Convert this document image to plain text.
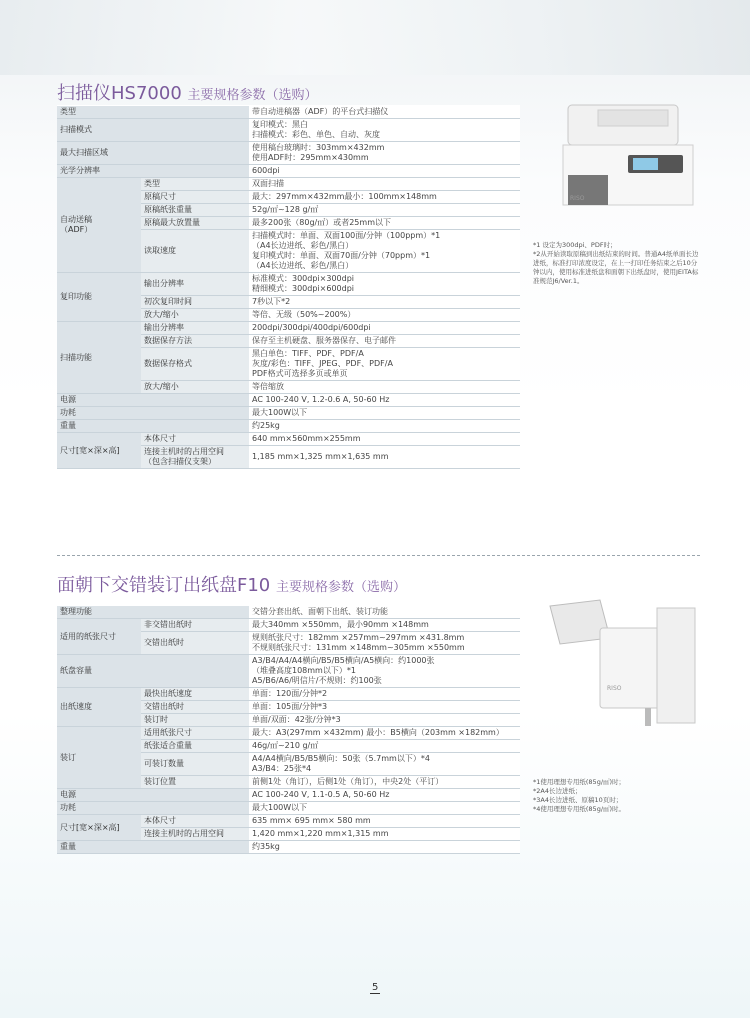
扫描仪HS7000 主要规格参数（选购）
类型		带自动进稿器（ADF）的平台式扫描仪
扫描模式		复印模式：黑白
扫描模式：彩色、单色、自动、灰度
最大扫描区域		使用稿台玻璃时：303mm×432mm
使用ADF时：295mm×430mm
光学分辨率		600dpi
自动送稿
（ADF）	类型	双面扫描
	原稿尺寸	最大：297mm×432mm最小：100mm×148mm
	原稿纸张重量	52g/㎡~128 g/㎡
	原稿最大放置量	最多200张（80g/㎡）或者25mm以下
	读取速度	扫描模式时：单面、双面100面/分钟（100ppm）*1
（A4长边进纸、彩色/黑白）
复印模式时：单面、双面70面/分钟（70ppm）*1
（A4长边进纸、彩色/黑白）
复印功能	输出分辨率	标准模式：300dpi×300dpi
精细模式：300dpi×600dpi
	初次复印时间	7秒以下*2
	放大/缩小	等倍、无级（50%~200%）
扫描功能	输出分辨率	200dpi/300dpi/400dpi/600dpi
	数据保存方法	保存至主机硬盘、服务器保存、电子邮件
	数据保存格式	黑白单色：TIFF、PDF、PDF/A
灰度/彩色：TIFF、JPEG、PDF、PDF/A
PDF格式可选择多页或单页
	放大/缩小	等倍缩放
电源		AC 100-240 V, 1.2-0.6 A, 50-60 Hz
功耗		最大100W以下
重量		约25kg
尺寸[宽×深×高]	本体尺寸	640 mm×560mm×255mm
	连接主机时的占用空间
（包含扫描仪支架）	1,185 mm×1,325 mm×1,635 mm
RISO
*1 设定为300dpi、PDF时；
*2从开始读取原稿到出纸结束的时间。普通A4纸单面长边进纸，标准打印浓度设定，在上一打印任务结束之后10分钟以内，使用标准进纸盘和面朝下出纸盘时，使用JEITA标准规范J6/Ver.1。
面朝下交错装订出纸盘F10 主要规格参数（选购）
整理功能		交错分套出纸、面朝下出纸、装订功能
适用的纸张尺寸	非交错出纸时	最大340mm ×550mm，最小90mm ×148mm
	交错出纸时	规则纸张尺寸：182mm ×257mm~297mm ×431.8mm
不规则纸张尺寸：131mm ×148mm~305mm ×550mm
纸盘容量		A3/B4/A4/A4横向/B5/B5横向/A5横向：约1000张
（堆叠高度108mm以下）*1
A5/B6/A6/明信片/不规则：约100张
出纸速度	最快出纸速度	单面：120面/分钟*2
	交错出纸时	单面：105面/分钟*3
	装订时	单面/双面：42张/分钟*3
装订	适用纸张尺寸	最大：A3(297mm ×432mm) 最小：B5横向（203mm ×182mm）
	纸张适合重量	46g/㎡~210 g/㎡
	可装订数量	A4/A4横向/B5/B5横向：50张（5.7mm以下）*4
A3/B4：25张*4
	装订位置	前侧1处（角订），后侧1处（角订），中央2处（平订）
电源		AC 100-240 V, 1.1-0.5 A, 50-60 Hz
功耗		最大100W以下
尺寸[宽×深×高]	本体尺寸	635 mm× 695 mm× 580 mm
	连接主机时的占用空间	1,420 mm×1,220 mm×1,315 mm
重量		约35kg
RISO
*1使用理想专用纸(85g/㎡)时；
*2A4长边进纸；
*3A4长边进纸、原稿10页时；
*4使用理想专用纸(85g/㎡)时。
5
